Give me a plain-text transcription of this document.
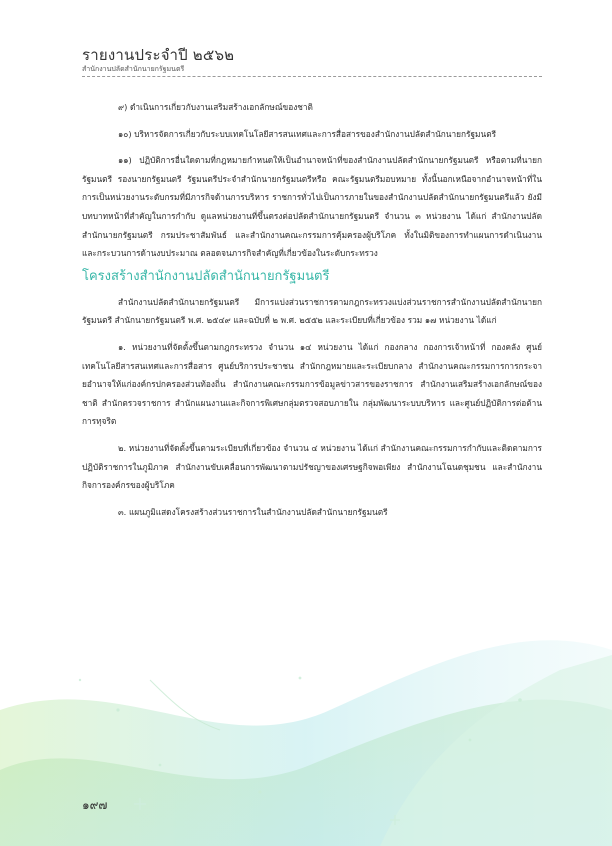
รายงานประจำปี ๒๕๖๒
สำนักงานปลัดสำนักนายกรัฐมนตรี

๙) ดำเนินการเกี่ยวกับงานเสริมสร้างเอกลักษณ์ของชาติ

๑๐) บริหารจัดการเกี่ยวกับระบบเทคโนโลยีสารสนเทศและการสื่อสารของสำนักงานปลัดสำนักนายกรัฐมนตรี

๑๑) ปฏิบัติการอื่นใดตามที่กฎหมายกำหนดให้เป็นอำนาจหน้าที่ของสำนักงานปลัดสำนักนายกรัฐมนตรี หรือตามที่นายกรัฐมนตรี รองนายกรัฐมนตรี รัฐมนตรีประจำสำนักนายกรัฐมนตรีหรือ คณะรัฐมนตรีมอบหมาย ทั้งนี้นอกเหนือจากอำนาจหน้าที่ในการเป็นหน่วยงานระดับกรมที่มีภารกิจด้านการบริหาร ราชการทั่วไปเป็นการภายในของสำนักงานปลัดสำนักนายกรัฐมนตรีแล้ว ยังมีบทบาทหน้าที่สำคัญในการกำกับ ดูแลหน่วยงานที่ขึ้นตรงต่อปลัดสำนักนายกรัฐมนตรี จำนวน ๓ หน่วยงาน ได้แก่ สำนักงานปลัดสำนักนายกรัฐมนตรี กรมประชาสัมพันธ์ และสำนักงานคณะกรรมการคุ้มครองผู้บริโภค ทั้งในมิติของการทำแผนการดำเนินงาน และกระบวนการด้านงบประมาณ ตลอดจนภารกิจสำคัญที่เกี่ยวข้องในระดับกระทรวง

โครงสร้างสำนักงานปลัดสำนักนายกรัฐมนตรี

สำนักงานปลัดสำนักนายกรัฐมนตรี มีการแบ่งส่วนราชการตามกฎกระทรวงแบ่งส่วนราชการสำนักงานปลัดสำนักนายกรัฐมนตรี สำนักนายกรัฐมนตรี พ.ศ. ๒๕๔๙ และฉบับที่ ๒ พ.ศ. ๒๕๕๒ และระเบียบที่เกี่ยวข้อง รวม ๑๗ หน่วยงาน ได้แก่

๑. หน่วยงานที่จัดตั้งขึ้นตามกฎกระทรวง จำนวน ๑๔ หน่วยงาน ได้แก่ กองกลาง กองการเจ้าหน้าที่ กองคลัง ศูนย์เทคโนโลยีสารสนเทศและการสื่อสาร ศูนย์บริการประชาชน สำนักกฎหมายและระเบียบกลาง สำนักงานคณะกรรมการการกระจายอำนาจให้แก่องค์กรปกครองส่วนท้องถิ่น สำนักงานคณะกรรมการข้อมูลข่าวสารของราชการ สำนักงานเสริมสร้างเอกลักษณ์ของชาติ สำนักตรวจราชการ สำนักแผนงานและกิจการพิเศษกลุ่มตรวจสอบภายใน กลุ่มพัฒนาระบบบริหาร และศูนย์ปฏิบัติการต่อต้านการทุจริต

๒. หน่วยงานที่จัดตั้งขึ้นตามระเบียบที่เกี่ยวข้อง จำนวน ๔ หน่วยงาน ได้แก่ สำนักงานคณะกรรมการกำกับและติดตามการปฏิบัติราชการในภูมิภาค สำนักงานขับเคลื่อนการพัฒนาตามปรัชญาของเศรษฐกิจพอเพียง สำนักงานโฉนดชุมชน และสำนักงานกิจการองค์กรของผู้บริโภค

๓. แผนภูมิแสดงโครงสร้างส่วนราชการในสำนักงานปลัดสำนักนายกรัฐมนตรี

๑๙๗
